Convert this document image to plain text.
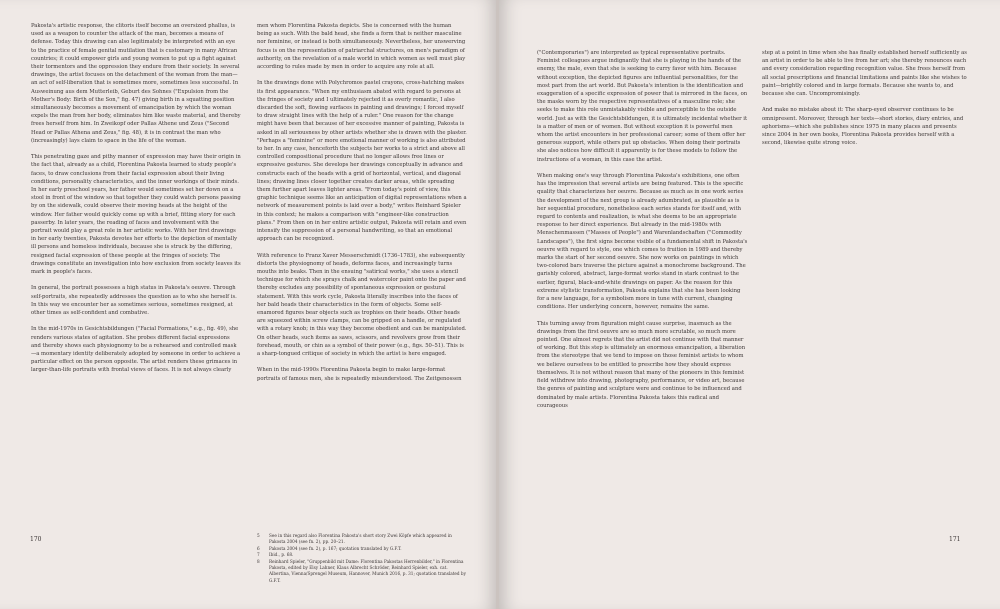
Pakosta's artistic response, the clitoris itself become an oversized phallus, is used as a weapon to counter the attack of the man, becomes a means of defense. Today this drawing can also legitimately be interpreted with an eye to the practice of female genital mutilation that is customary in many African countries; it could empower girls and young women to put up a fight against their tormentors and the oppression they endure from their society. In several drawings, the artist focuses on the detachment of the woman from the man—an act of self-liberation that is sometimes more, sometimes less successful. In Ausweinung aus dem Mutterleib, Geburt des Sohnes ("Expulsion from the Mother's Body: Birth of the Son," fig. 47) giving birth in a squatting position simultaneously becomes a movement of emancipation by which the woman expels the man from her body, eliminates him like waste material, and thereby frees herself from him. In Zweikopf oder Pallas Athene und Zeus ("Second Head or Pallas Athena and Zeus," fig. 48), it is in contrast the man who (increasingly) lays claim to space in the life of the woman.

This penetrating gaze and pithy manner of expression may have their origin in the fact that, already as a child, Florentina Pakosta learned to study people's faces, to draw conclusions from their facial expression about their living conditions, personality characteristics, and the inner workings of their minds. In her early preschool years, her father would sometimes set her down on a stool in front of the window so that together they could watch persons passing by on the sidewalk, could observe their moving heads at the height of the window. Her father would quickly come up with a brief, fitting story for each passerby. In later years, the reading of faces and involvement with the portrait would play a great role in her artistic works. With her first drawings in her early twenties, Pakosta devotes her efforts to the depiction of mentally ill persons and homeless individuals, because she is struck by the differing, resigned facial expression of these people at the fringes of society. The drawings constitute an investigation into how exclusion from society leaves its mark in people's faces.

In general, the portrait possesses a high status in Pakosta's oeuvre. Through self-portraits, she repeatedly addresses the question as to who she herself is. In this way we encounter her as sometimes serious, sometimes resigned, at other times as self-confident and combative.

In the mid-1970s in Gesichtsbildungen ("Facial Formations," e.g., fig. 49), she renders various states of agitation. She probes different facial expressions and thereby shows each physiognomy to be a rehearsed and controlled mask—a momentary identity deliberately adopted by someone in order to achieve a particular effect on the person opposite. The artist renders these grimaces in larger-than-life portraits with frontal views of faces. It is not always clearly

men whom Florentina Pakosta depicts. She is concerned with the human being as such. With the bald head, she finds a form that is neither masculine nor feminine, or instead is both simultaneously. Nevertheless, her unswerving focus is on the representation of patriarchal structures, on men's paradigm of authority, on the revelation of a male world in which women as well must play according to rules made by men in order to acquire any role at all.

In the drawings done with Polychromos pastel crayons, cross-hatching makes its first appearance. "When my enthusiasm abated with regard to persons at the fringes of society and I ultimately rejected it as overly romantic, I also discarded the soft, flowing surfaces in painting and drawings; I forced myself to draw straight lines with the help of a ruler." One reason for the change might have been that because of her excessive manner of painting, Pakosta is asked in all seriousness by other artists whether she is drawn with the plaster. "Perhaps a "feminine" or more emotional manner of working is also attributed to her. In any case, henceforth the subjects her works to a strict and above all controlled compositional procedure that no longer allows free lines or expressive gestures. She develops her drawings conceptually in advance and constructs each of the heads with a grid of horizontal, vertical, and diagonal lines; drawing lines closer together creates darker areas, while spreading them further apart leaves lighter areas. "From today's point of view, this graphic technique seems like an anticipation of digital representations when a network of measurement points is laid over a body," writes Reinhard Spieler in this context; he makes a comparison with "engineer-like construction plans." From then on in her entire artistic output, Pakosta will retain and even intensify the suppression of a personal handwriting, so that an emotional approach can be recognized.

With reference to Franz Xaver Messerschmidt (1736–1783), she subsequently distorts the physiognomy of heads, deforms faces, and increasingly turns mouths into beaks. Then in the ensuing "satirical works," she uses a stencil technique for which she sprays chalk and watercolor paint onto the paper and thereby excludes any possibility of spontaneous expression or gestural statement. With this work cycle, Pakosta literally inscribes into the faces of her bald heads their characteristics in the form of objects. Some self-enamored figures bear objects such as trophies on their heads. Other heads are squeezed within screw clamps, can be gripped on a handle, or regulated with a rotary knob; in this way they become obedient and can be manipulated. On other heads, such items as saws, scissors, and revolvers grow from their forehead, mouth, or chin as a symbol of their power (e.g., figs. 50–51). This is a sharp-tongued critique of society in which the artist is here engaged.

When in the mid-1990s Florentina Pakosta begin to make large-format portraits of famous men, she is repeatedly misunderstood. The Zeitgenossen

5	See in this regard also Florentina Pakosta's short story Zwei Köpfe which appeared in Pakosta 2004 (see fn. 2), pp. 20–21.
6	Pakosta 2004 (see fn. 2), p. 167; quotation translated by G.F.T.
7	Ibid., p. 68.
8	Reinhard Spieler, "Gruppenbild mit Dame: Florentina Pakostas Herrenbilder," in Florentina Pakosta, edited by Elsy Lahner, Klaus Albrecht Schröder, Reinhard Spieler, exh. cat. Albertina, Vienna/Sprengel Museum, Hannover, Munich 2016, p. 31; quotation translated by G.F.T.
170

("Contemporaries") are interpreted as typical representative portraits. Feminist colleagues argue indignantly that she is playing in the hands of the enemy, the male, even that she is seeking to curry favor with him. Because without exception, the depicted figures are influential personalities, for the most part from the art world. But Pakosta's intention is the identification and exaggeration of a specific expression of power that is mirrored in the faces, on the masks worn by the respective representatives of a masculine role; she seeks to make this role unmistakably visible and perceptible to the outside world. Just as with the Gesichtsbildungen, it is ultimately incidental whether it is a matter of men or of women. But without exception it is powerful men whom the artist encounters in her professional career; some of them offer her generous support, while others put up obstacles. When doing their portraits she also notices how difficult it apparently is for these models to follow the instructions of a woman, in this case the artist.

When making one's way through Florentina Pakosta's exhibitions, one often has the impression that several artists are being featured. This is the specific quality that characterizes her oeuvre. Because as much as in one work series the development of the next group is already adumbrated, as plausible as is her sequential procedure, nonetheless each series stands for itself and, with regard to contents and realization, is what she deems to be an appropriate response to her direct experience. But already in the mid-1980s with Menschenmassen ("Masses of People") and Warenlandschaften ("Commodity Landscapes"), the first signs become visible of a fundamental shift in Pakosta's oeuvre with regard to style, one which comes to fruition in 1989 and thereby marks the start of her second oeuvre. She now works on paintings in which two-colored bars traverse the picture against a monochrome background. The garishly colored, abstract, large-format works stand in stark contrast to the earlier, figural, black-and-white drawings on paper. As the reason for this extreme stylistic transformation, Pakosta explains that she has been looking for a new language, for a symbolism more in tune with current, changing conditions. Her underlying concern, however, remains the same.

This turning away from figuration might cause surprise, inasmuch as the drawings from the first oeuvre are so much more scrutable, so much more pointed. One almost regrets that the artist did not continue with that manner of working. But this step is ultimately an enormous emancipation, a liberation from the stereotype that we tend to impose on those feminist artists to whom we believe ourselves to be entitled to prescribe how they should express themselves. It is not without reason that many of the pioneers in this feminist field withdrew into drawing, photography, performance, or video art, because the genres of painting and sculpture were and continue to be influenced and dominated by male artists. Florentina Pakosta takes this radical and courageous

step at a point in time when she has finally established herself sufficiently as an artist in order to be able to live from her art; she thereby renounces each and every consideration regarding recognition value. She frees herself from all social prescriptions and financial limitations and paints like she wishes to paint—brightly colored and in large formats. Because she wants to, and because she can. Uncompromisingly.

And make no mistake about it: The sharp-eyed observer continues to be omnipresent. Moreover, through her texts—short stories, diary entries, and aphorisms—which she publishes since 1975 in many places and presents since 2004 in her own books, Florentina Pakosta provides herself with a second, likewise quite strong voice.

171
